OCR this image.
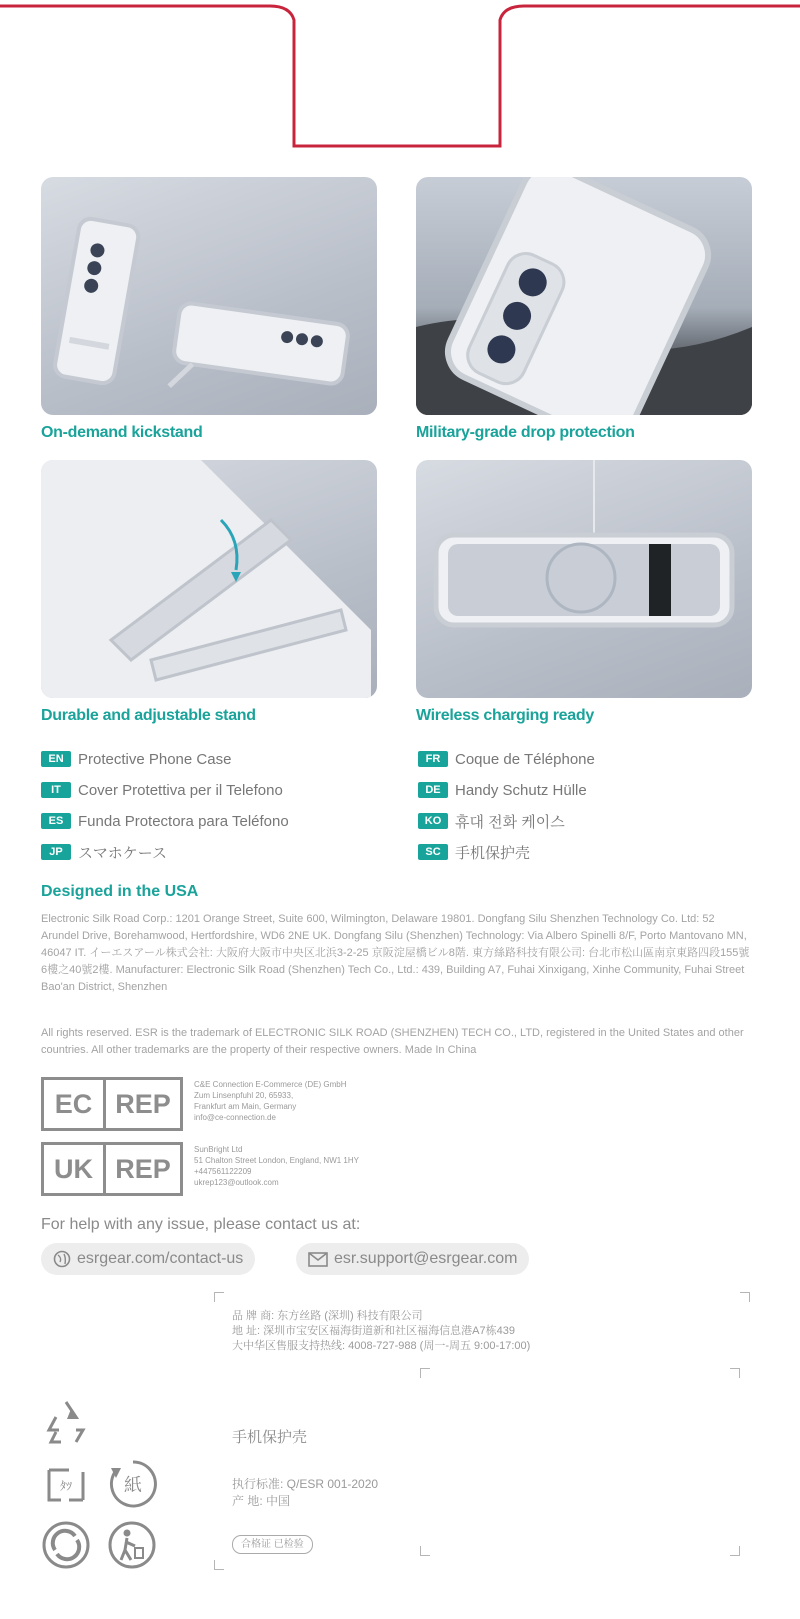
On-demand kickstand	Military-grade drop protection
Durable and adjustable stand	Wireless charging ready
EN Protective Phone Case	FR Coque de Téléphone
IT	Cover Protettiva per il Telefono	DE Handy Schutz Hülle
ES Funda Protectora para Teléfono	KO 휴대 전화 케이스
JP	スマホケース	SC 手机保护壳
Designed in the USA
Electronic Silk Road Corp.: 1201 Orange Street, Suite 600, Wilmington, Delaware 19801. Dongfang Silu Shenzhen Technology Co. Ltd: 52 Arundel Drive, Borehamwood, Hertfordshire, WD6 2NE UK. Dongfang Silu (Shenzhen) Technology: Via Albero Spinelli 8/F, Porto Mantovano MN, 46047 IT. イーエスアール株式会社: 大阪府大阪市中央区北浜3-2-25 京阪淀屋橋ビル8階. 東方絲路科技有限公司: 台北市松山區南京東路四段155號6樓之40號2樓. Manufacturer: Electronic Silk Road (Shenzhen) Tech Co., Ltd.: 439, Building A7, Fuhai Xinxigang, Xinhe Community, Fuhai Street Bao'an District, Shenzhen
All rights reserved. ESR is the trademark of ELECTRONIC SILK ROAD (SHENZHEN) TECH CO., LTD, registered in the United States and other countries. All other trademarks are the property of their respective owners. Made In China
EC REP
C&E Connection E-Commerce (DE) GmbH
Zum Linsenpfuhl 20, 65933,
Frankfurt am Main, Germany
info@ce-connection.de
UK REP
SunBright Ltd
51 Chalton Street London, England, NW1 1HY
+447561122209
ukrep123@outlook.com
For help with any issue, please contact us at:
esrgear.com/contact-us	esr.support@esrgear.com
品 牌 商: 东方丝路 (深圳) 科技有限公司
地 址: 深圳市宝安区福海街道新和社区福海信息港A7栋439
大中华区售服支持热线: 4008-727-988 (周一-周五 9:00-17:00)
手机保护壳
执行标准: Q/ESR 001-2020
产 地: 中国
合格证 已检验
ﾀﾂ	紙
